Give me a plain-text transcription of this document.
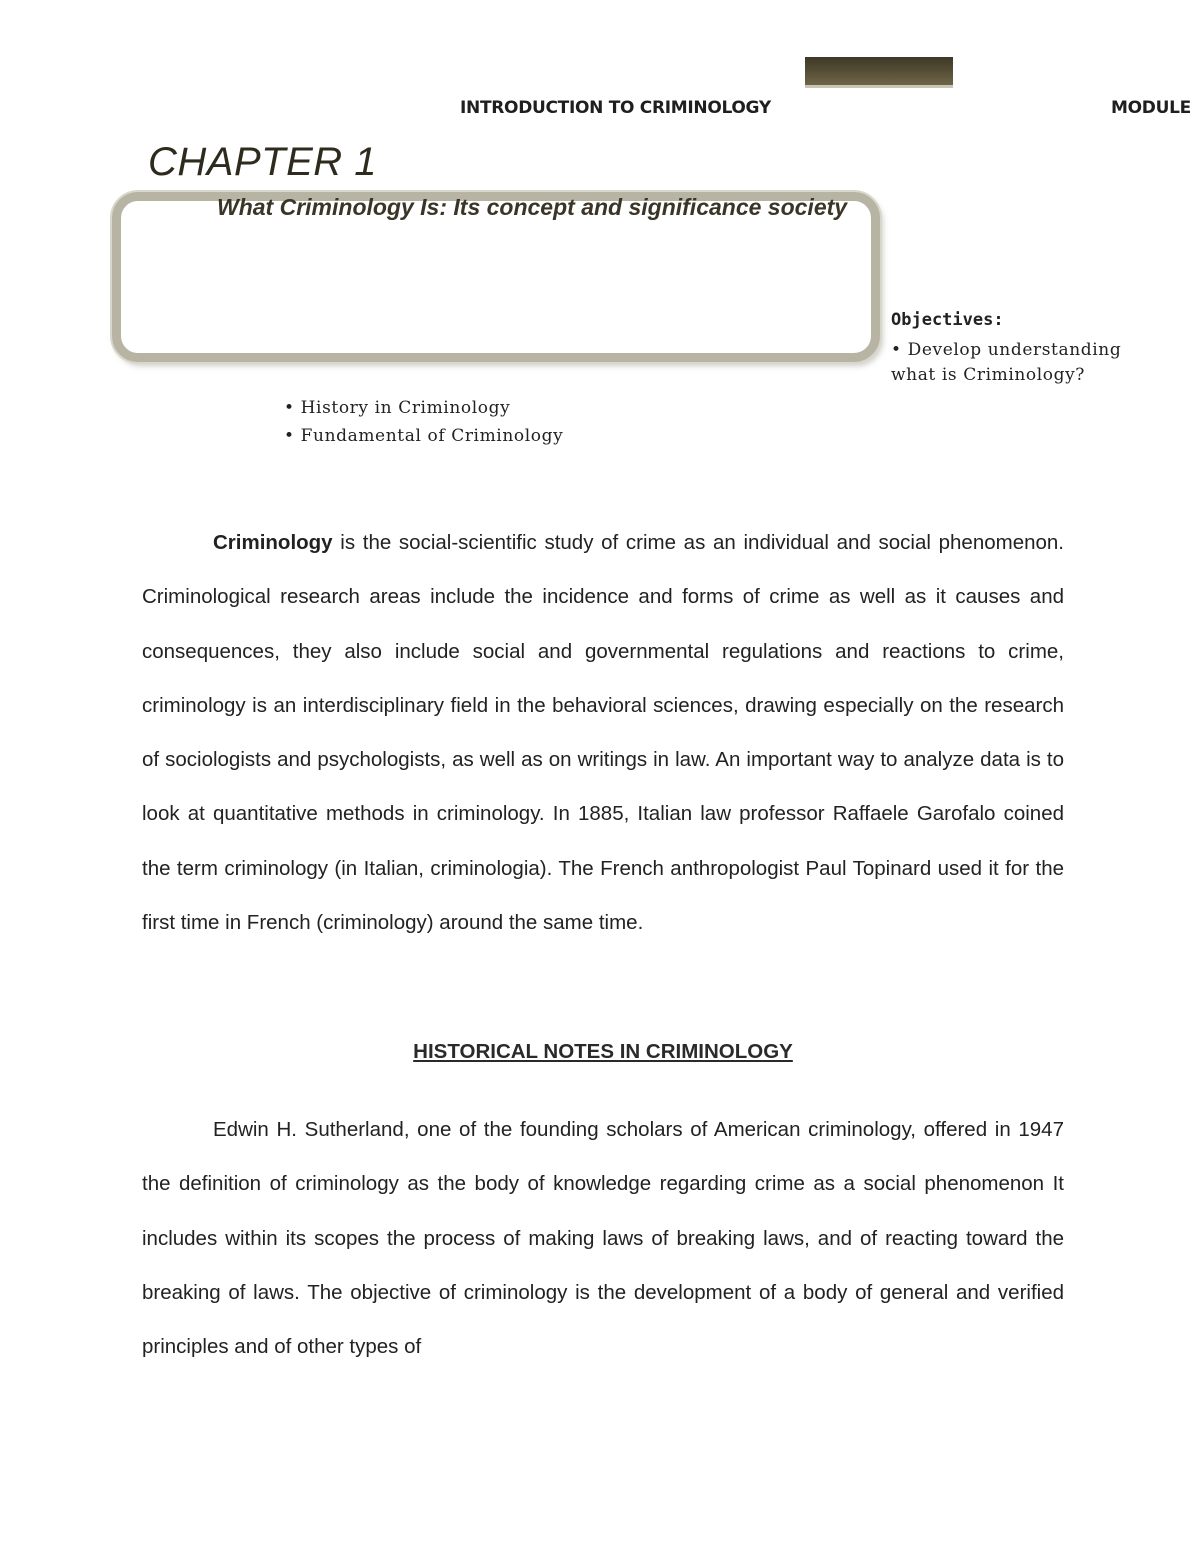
INTRODUCTION TO CRIMINOLOGY	MODULE
CHAPTER 1
What Criminology Is: Its concept and significance society
Objectives:
• Develop understanding
what is Criminology?
• History in Criminology
• Fundamental of Criminology

Criminology is the social-scientific study of crime as an individual and social phenomenon. Criminological research areas include the incidence and forms of crime as well as it causes and consequences, they also include social and governmental regulations and reactions to crime, criminology is an interdisciplinary field in the behavioral sciences, drawing especially on the research of sociologists and psychologists, as well as on writings in law. An important way to analyze data is to look at quantitative methods in criminology. In 1885, Italian law professor Raffaele Garofalo coined the term criminology (in Italian, criminologia). The French anthropologist Paul Topinard used it for the first time in French (criminology) around the same time.

HISTORICAL NOTES IN CRIMINOLOGY

Edwin H. Sutherland, one of the founding scholars of American criminology, offered in 1947 the definition of criminology as the body of knowledge regarding crime as a social phenomenon It includes within its scopes the process of making laws of breaking laws, and of reacting toward the breaking of laws. The objective of criminology is the development of a body of general and verified principles and of other types of
